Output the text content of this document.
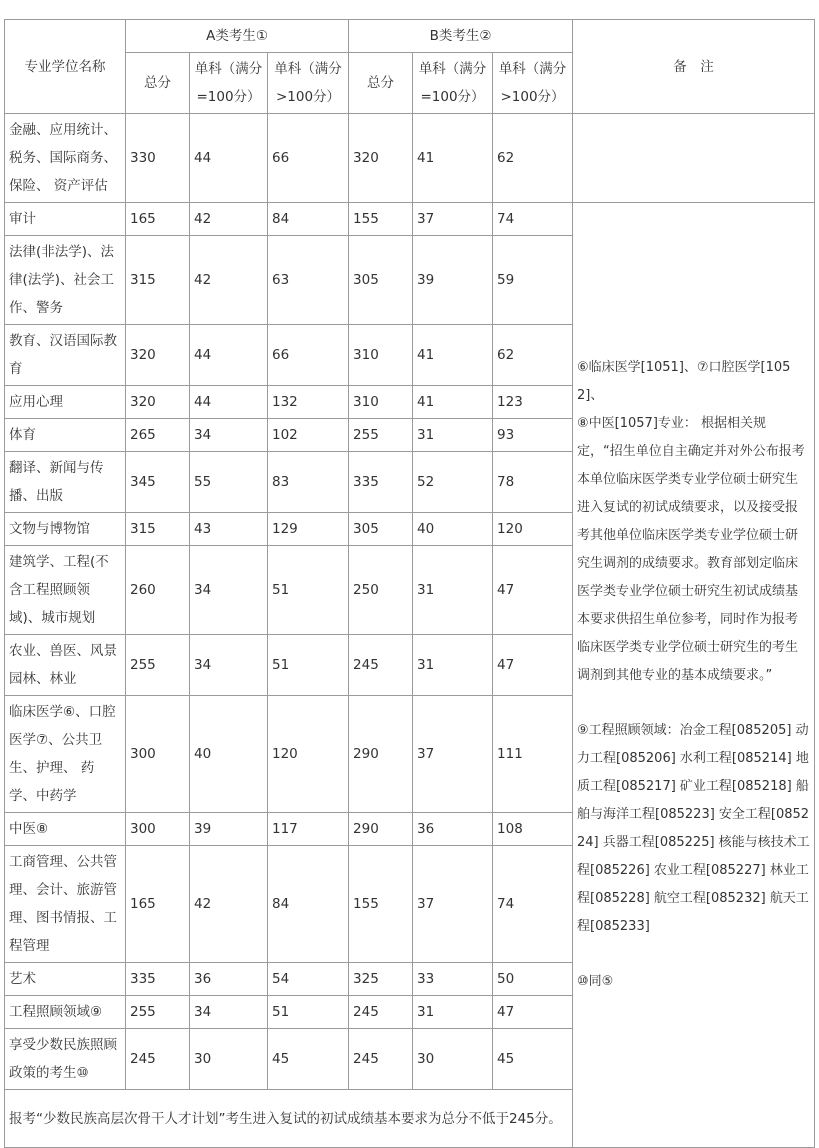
专业学位名称	A类考生①			B类考生②			备　注
	总分	单科（满分=100分）	单科（满分>100分）	总分	单科（满分=100分）	单科（满分>100分）	
金融、应用统计、税务、国际商务、保险、 资产评估	330	44	66	320	41	62	
审计	165	42	84	155	37	74	⑥临床医学[1051]、⑦口腔医学[1052]、
⑧中医[1057]专业： 根据相关规定，“招生单位自主确定并对外公布报考本单位临床医学类专业学位硕士研究生进入复试的初试成绩要求，以及接受报考其他单位临床医学类专业学位硕士研究生调剂的成绩要求。教育部划定临床医学类专业学位硕士研究生初试成绩基本要求供招生单位参考，同时作为报考临床医学类专业学位硕士研究生的考生调剂到其他专业的基本成绩要求。”
⑨工程照顾领域：冶金工程[085205] 动力工程[085206] 水利工程[085214] 地质工程[085217] 矿业工程[085218] 船舶与海洋工程[085223] 安全工程[085224] 兵器工程[085225] 核能与核技术工程[085226] 农业工程[085227] 林业工程[085228] 航空工程[085232] 航天工程[085233]
⑩同⑤

法律(非法学)、法律(法学)、社会工作、警务	315	42	63	305	39	59	
教育、汉语国际教育	320	44	66	310	41	62	
应用心理	320	44	132	310	41	123	
体育	265	34	102	255	31	93	
翻译、新闻与传播、出版	345	55	83	335	52	78	
文物与博物馆	315	43	129	305	40	120	
建筑学、工程(不含工程照顾领域)、城市规划	260	34	51	250	31	47	
农业、兽医、风景园林、林业	255	34	51	245	31	47	
临床医学⑥、口腔医学⑦、公共卫生、护理、 药学、中药学	300	40	120	290	37	111	
中医⑧	300	39	117	290	36	108	
工商管理、公共管理、会计、旅游管理、图书情报、工程管理	165	42	84	155	37	74	
艺术	335	36	54	325	33	50	
工程照顾领域⑨	255	34	51	245	31	47	
享受少数民族照顾政策的考生⑩	245	30	45	245	30	45	
报考“少数民族高层次骨干人才计划”考生进入复试的初试成绩基本要求为总分不低于245分。							
